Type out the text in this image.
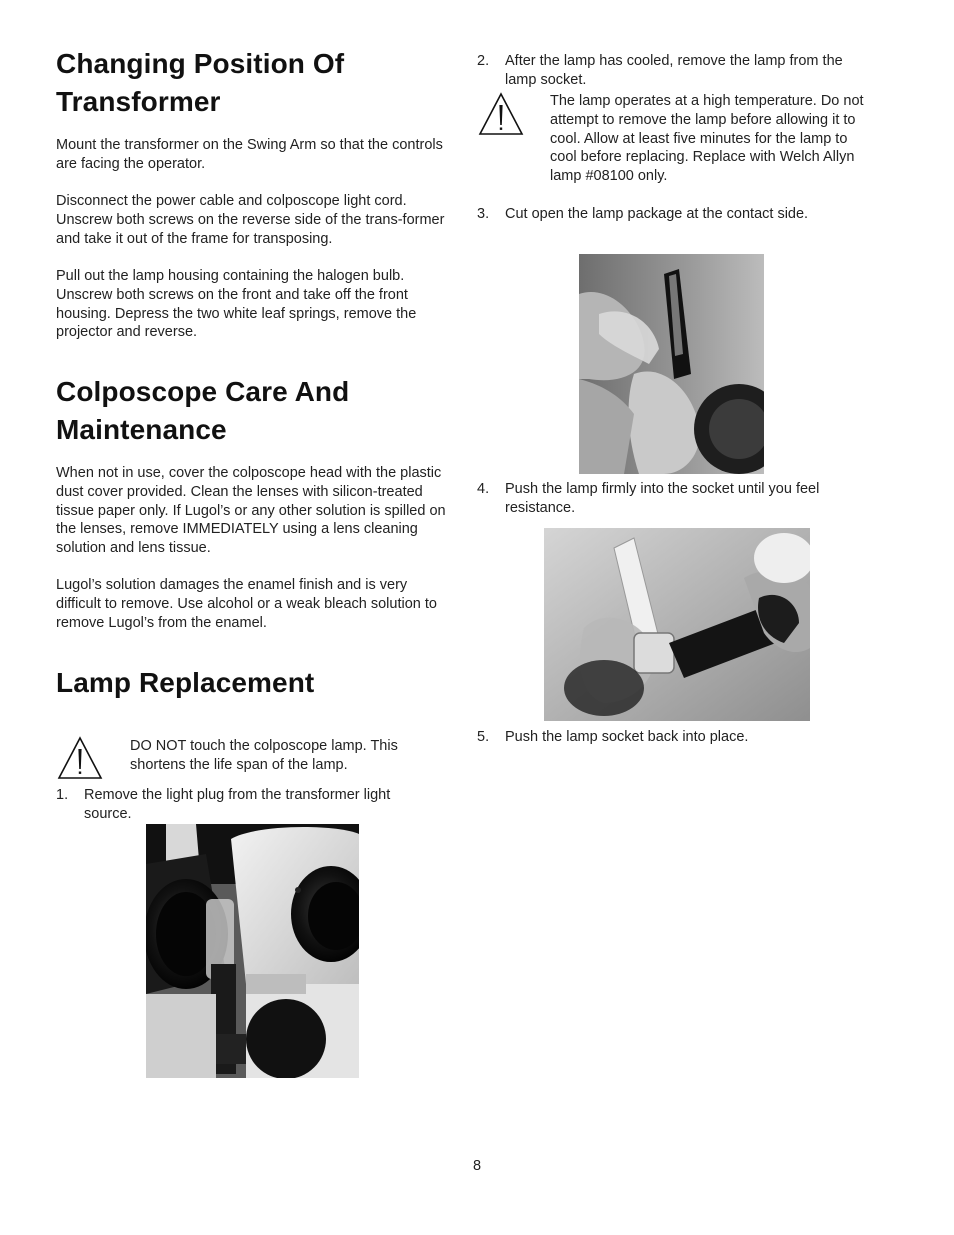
Changing Position Of Transformer

Mount the transformer on the Swing Arm so that the controls are facing the operator.

Disconnect the power cable and colposcope light cord. Unscrew both screws on the reverse side of the trans-former and take it out of the frame for transposing.

Pull out the lamp housing containing the halogen bulb. Unscrew both screws on the front and take off the front housing. Depress the two white leaf springs, remove the projector and reverse.

Colposcope Care And Maintenance

When not in use, cover the colposcope head with the plastic dust cover provided. Clean the lenses with silicon-treated tissue paper only. If Lugol’s or any other solution is spilled on the lenses, remove IMMEDIATELY using a lens cleaning solution and lens tissue.

Lugol’s solution damages the enamel finish and is very difficult to remove. Use alcohol or a weak bleach solution to remove Lugol’s from the enamel.

Lamp Replacement

DO NOT touch the colposcope lamp. This shortens the life span of the lamp.

1. Remove the light plug from the transformer light source.
2. After the lamp has cooled, remove the lamp from the lamp socket.

The lamp operates at a high temperature. Do not attempt to remove the lamp before allowing it to cool. Allow at least five minutes for the lamp to cool before replacing. Replace with Welch Allyn lamp #08100 only.

3. Cut open the lamp package at the contact side.
4. Push the lamp firmly into the socket until you feel resistance.
5. Push the lamp socket back into place.
8
